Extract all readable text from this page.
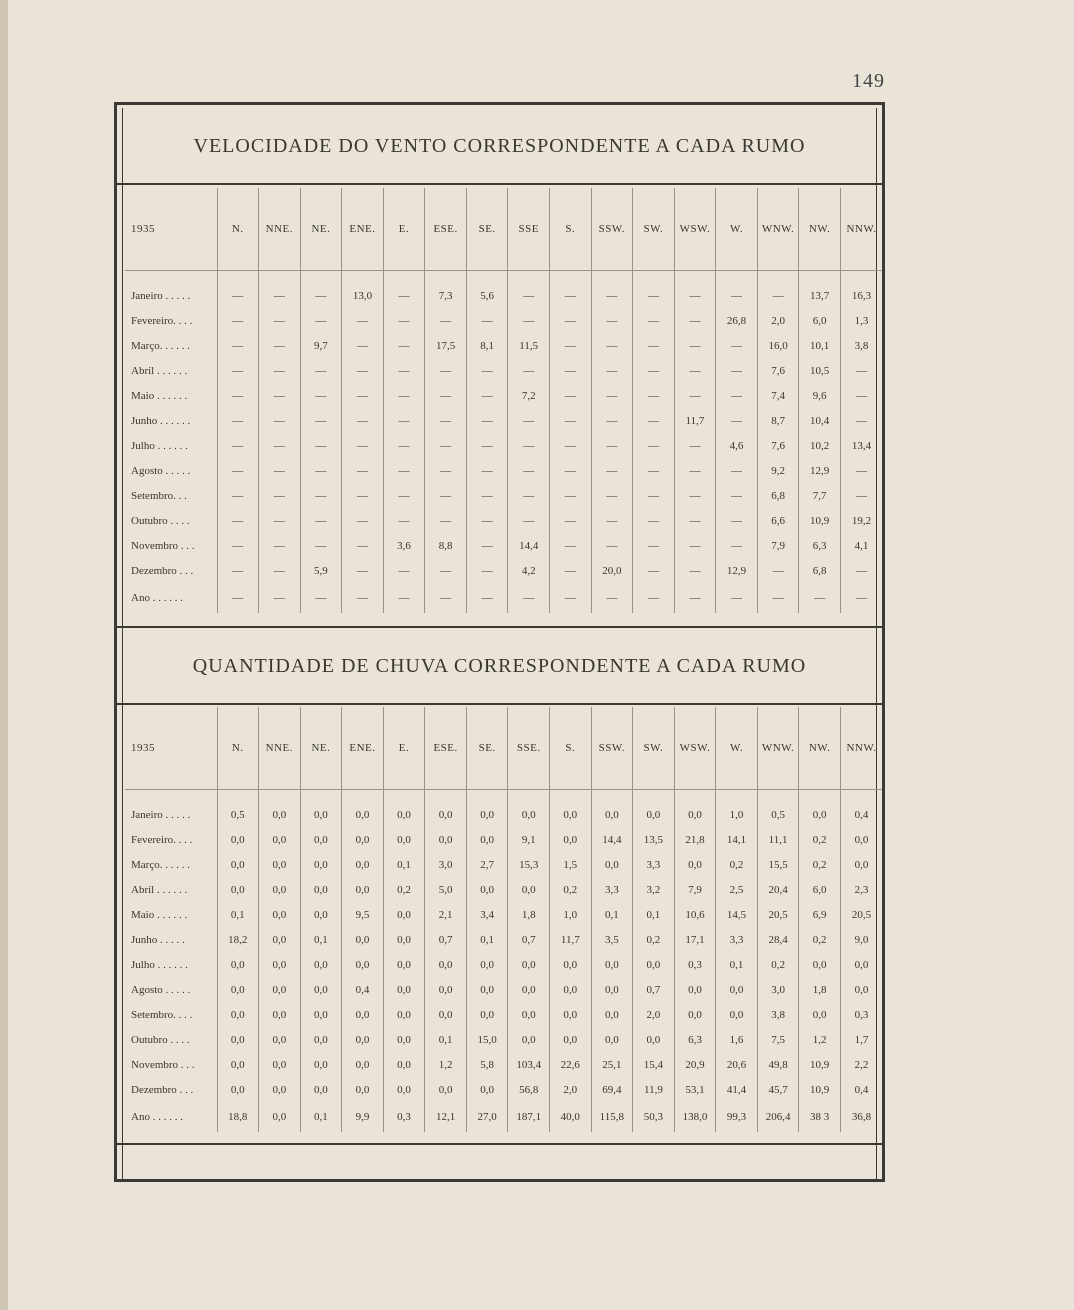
149
VELOCIDADE DO VENTO CORRESPONDENTE A CADA RUMO
1935	N.	NNE.	NE.	ENE.	E.	ESE.	SE.	SSE	S.	SSW.	SW.	WSW.	W.	WNW.	NW.	NNW.

Janeiro . . . . .	—	—	—	13,0	—	7,3	5,6	—	—	—	—	—	—	—	13,7	16,3
Fevereiro. . . .	—	—	—	—	—	—	—	—	—	—	—	—	26,8	2,0	6,0	1,3
Março. . . . . .	—	—	9,7	—	—	17,5	8,1	11,5	—	—	—	—	—	16,0	10,1	3,8
Abril . . . . . .	—	—	—	—	—	—	—	—	—	—	—	—	—	7,6	10,5	—
Maio . . . . . .	—	—	—	—	—	—	—	7,2	—	—	—	—	—	7,4	9,6	—
Junho . . . . . .	—	—	—	—	—	—	—	—	—	—	—	11,7	—	8,7	10,4	—
Julho . . . . . .	—	—	—	—	—	—	—	—	—	—	—	—	4,6	7,6	10,2	13,4
Agosto . . . . .	—	—	—	—	—	—	—	—	—	—	—	—	—	9,2	12,9	—
Setembro. . .	—	—	—	—	—	—	—	—	—	—	—	—	—	6,8	7,7	—
Outubro . . . .	—	—	—	—	—	—	—	—	—	—	—	—	—	6,6	10,9	19,2
Novembro . . .	—	—	—	—	3,6	8,8	—	14,4	—	—	—	—	—	7,9	6,3	4,1
Dezembro . . .	—	—	5,9	—	—	—	—	4,2	—	20,0	—	—	12,9	—	6,8	—
Ano . . . . . .	—	—	—	—	—	—	—	—	—	—	—	—	—	—	—	—
QUANTIDADE DE CHUVA CORRESPONDENTE A CADA RUMO
1935	N.	NNE.	NE.	ENE.	E.	ESE.	SE.	SSE.	S.	SSW.	SW.	WSW.	W.	WNW.	NW.	NNW.

Janeiro . . . . .	0,5	0,0	0,0	0,0	0,0	0,0	0,0	0,0	0,0	0,0	0,0	0,0	1,0	0,5	0,0	0,4
Fevereiro. . . .	0,0	0,0	0,0	0,0	0,0	0,0	0,0	9,1	0,0	14,4	13,5	21,8	14,1	11,1	0,2	0,0
Março. . . . . .	0,0	0,0	0,0	0,0	0,1	3,0	2,7	15,3	1,5	0,0	3,3	0,0	0,2	15,5	0,2	0,0
Abril . . . . . .	0,0	0,0	0,0	0,0	0,2	5,0	0,0	0,0	0,2	3,3	3,2	7,9	2,5	20,4	6,0	2,3
Maio . . . . . .	0,1	0,0	0,0	9,5	0,0	2,1	3,4	1,8	1,0	0,1	0,1	10,6	14,5	20,5	6,9	20,5
Junho . . . . .	18,2	0,0	0,1	0,0	0,0	0,7	0,1	0,7	11,7	3,5	0,2	17,1	3,3	28,4	0,2	9,0
Julho . . . . . .	0,0	0,0	0,0	0,0	0,0	0,0	0,0	0,0	0,0	0,0	0,0	0,3	0,1	0,2	0,0	0,0
Agosto . . . . .	0,0	0,0	0,0	0,4	0,0	0,0	0,0	0,0	0,0	0,0	0,7	0,0	0,0	3,0	1,8	0,0
Setembro. . . .	0,0	0,0	0,0	0,0	0,0	0,0	0,0	0,0	0,0	0,0	2,0	0,0	0,0	3,8	0,0	0,3
Outubro . . . .	0,0	0,0	0,0	0,0	0,0	0,1	15,0	0,0	0,0	0,0	0,0	6,3	1,6	7,5	1,2	1,7
Novembro . . .	0,0	0,0	0,0	0,0	0,0	1,2	5,8	103,4	22,6	25,1	15,4	20,9	20,6	49,8	10,9	2,2
Dezembro . . .	0,0	0,0	0,0	0,0	0,0	0,0	0,0	56,8	2,0	69,4	11,9	53,1	41,4	45,7	10,9	0,4
Ano . . . . . .	18,8	0,0	0,1	9,9	0,3	12,1	27,0	187,1	40,0	115,8	50,3	138,0	99,3	206,4	38 3	36,8
